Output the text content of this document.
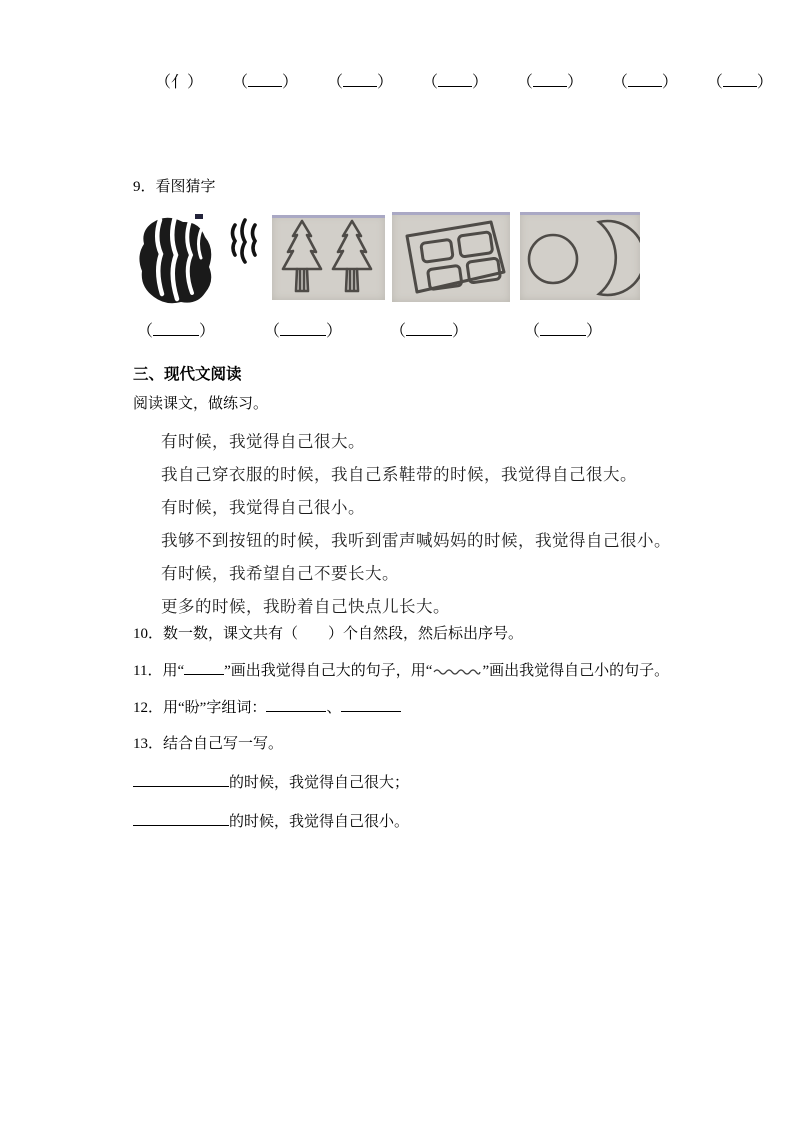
（亻） （ ） （ ） （ ） （ ） （ ） （ ）
9．看图猜字
（	）	（	）	（	）	（	）
三、现代文阅读
阅读课文，做练习。

有时候，我觉得自己很大。

我自己穿衣服的时候，我自己系鞋带的时候，我觉得自己很大。

有时候，我觉得自己很小。

我够不到按钮的时候，我听到雷声喊妈妈的时候，我觉得自己很小。

有时候，我希望自己不要长大。

更多的时候，我盼着自己快点儿长大。

10．数一数，课文共有（　　）个自然段，然后标出序号。
11．用“	”画出我觉得自己大的句子，用“	”画出我觉得自己小的句子。
12．用“盼”字组词：	、
13．结合自己写一写。
的时候，我觉得自己很大；
的时候，我觉得自己很小。
